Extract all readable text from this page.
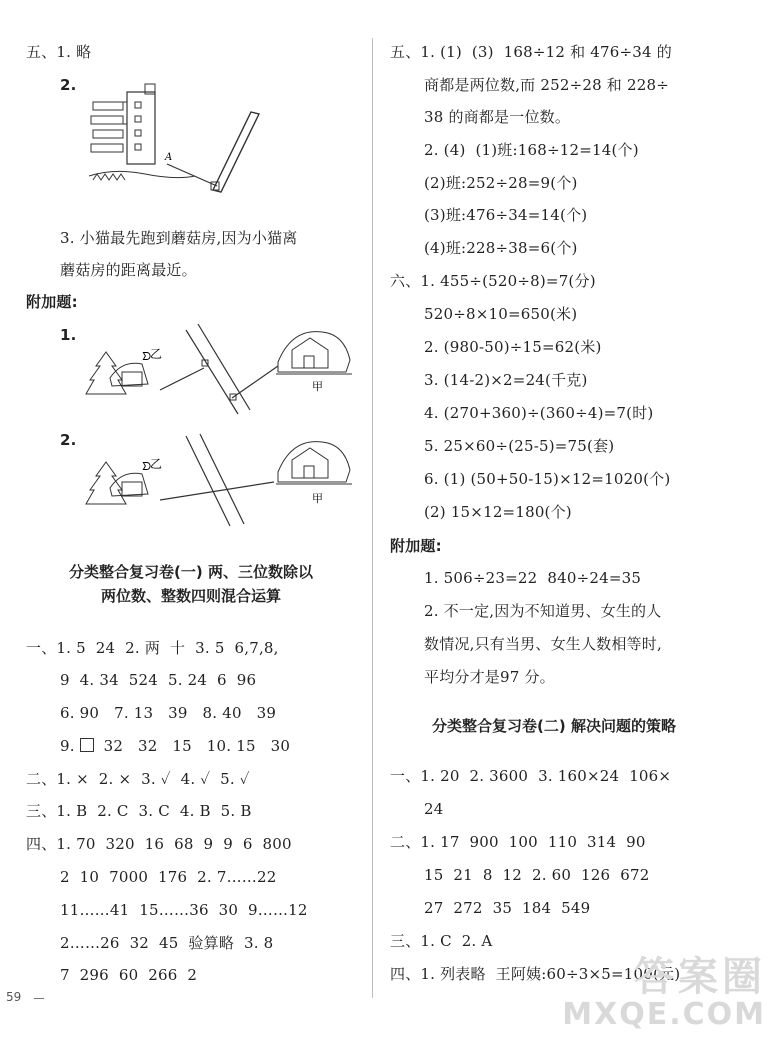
五、1. 略
2.
A
3. 小猫最先跑到蘑菇房,因为小猫离
蘑菇房的距离最近。
附加题:
1.
ᗤ
乙
甲
2.
ᗤ
乙
甲
分类整合复习卷(一) 两、三位数除以
两位数、整数四则混合运算
一、1. 5  24  2. 两  十  3. 5  6,7,8,
9  4. 34  524  5. 24  6  96
6. 90   7. 13   39   8. 40   39
9.   32   32   15   10. 15   30
二、1. ×  2. ×  3. ✓  4. ✓  5. ✓
三、1. B  2. C  3. C  4. B  5. B
四、1. 70  320  16  68  9  9  6  800
2  10  7000  176  2. 7……22
11……41  15……36  30  9……12
2……26  32  45  验算略  3. 8
7  296  60  266  2
五、1. (1)  (3)  168÷12 和 476÷34 的
商都是两位数,而 252÷28 和 228÷
38 的商都是一位数。
2. (4)  (1)班:168÷12=14(个)
(2)班:252÷28=9(个)
(3)班:476÷34=14(个)
(4)班:228÷38=6(个)
六、1. 455÷(520÷8)=7(分)
520÷8×10=650(米)
2. (980-50)÷15=62(米)
3. (14-2)×2=24(千克)
4. (270+360)÷(360÷4)=7(时)
5. 25×60÷(25-5)=75(套)
6. (1) (50+50-15)×12=1020(个)
(2) 15×12=180(个)
附加题:
1. 506÷23=22  840÷24=35
2. 不一定,因为不知道男、女生的人
数情况,只有当男、女生人数相等时,
平均分才是97 分。
分类整合复习卷(二) 解决问题的策略
一、1. 20  2. 3600  3. 160×24  106×
24
二、1. 17  900  100  110  314  90
15  21  8  12  2. 60  126  672
27  272  35  184  549
三、1. C  2. A
四、1. 列表略  王阿姨:60÷3×5=100(元)
59	答案圈
MXQE.COM
